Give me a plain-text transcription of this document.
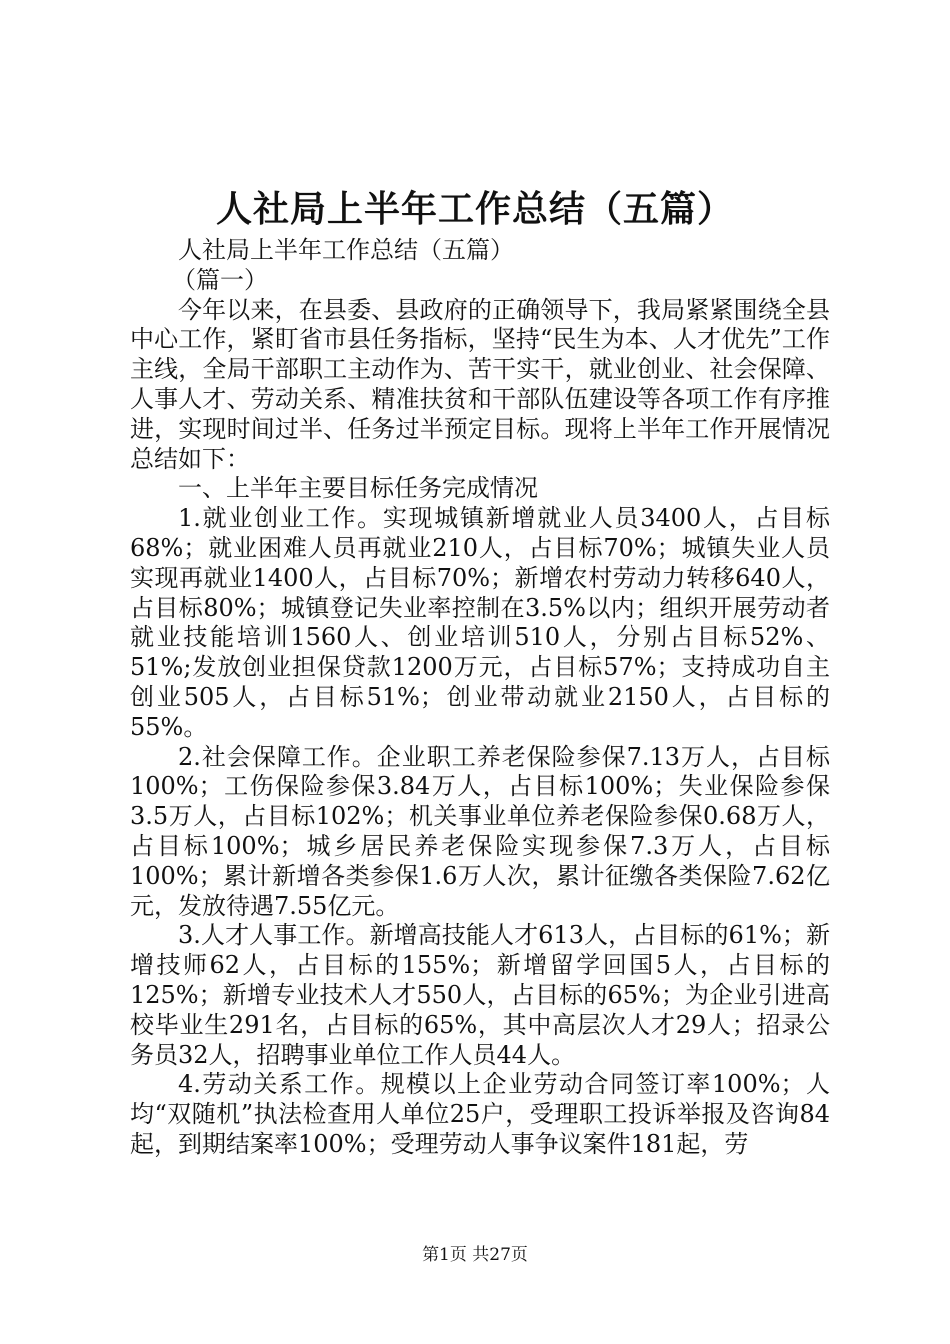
人社局上半年工作总结（五篇）

人社局上半年工作总结（五篇）

（篇一）

今年以来，在县委、县政府的正确领导下，我局紧紧围绕全县中心工作，紧盯省市县任务指标，坚持“民生为本、人才优先”工作主线，全局干部职工主动作为、苦干实干，就业创业、社会保障、人事人才、劳动关系、精准扶贫和干部队伍建设等各项工作有序推进，实现时间过半、任务过半预定目标。现将上半年工作开展情况总结如下：

一、上半年主要目标任务完成情况

1.就业创业工作。实现城镇新增就业人员3400人，占目标68%；就业困难人员再就业210人，占目标70%；城镇失业人员实现再就业1400人，占目标70%；新增农村劳动力转移640人，占目标80%；城镇登记失业率控制在3.5%以内；组织开展劳动者就业技能培训1560人、创业培训510人，分别占目标52%、51%;发放创业担保贷款1200万元，占目标57%；支持成功自主创业505人，占目标51%；创业带动就业2150人，占目标的55%。

2.社会保障工作。企业职工养老保险参保7.13万人，占目标100%；工伤保险参保3.84万人，占目标100%；失业保险参保3.5万人，占目标102%；机关事业单位养老保险参保0.68万人，占目标100%；城乡居民养老保险实现参保7.3万人，占目标100%；累计新增各类参保1.6万人次，累计征缴各类保险7.62亿元，发放待遇7.55亿元。

3.人才人事工作。新增高技能人才613人，占目标的61%；新增技师62人，占目标的155%；新增留学回国5人，占目标的125%；新增专业技术人才550人，占目标的65%；为企业引进高校毕业生291名，占目标的65%，其中高层次人才29人；招录公务员32人，招聘事业单位工作人员44人。

4.劳动关系工作。规模以上企业劳动合同签订率100%；人均“双随机”执法检查用人单位25户，受理职工投诉举报及咨询84起，到期结案率100%；受理劳动人事争议案件181起，劳

第1页 共27页
